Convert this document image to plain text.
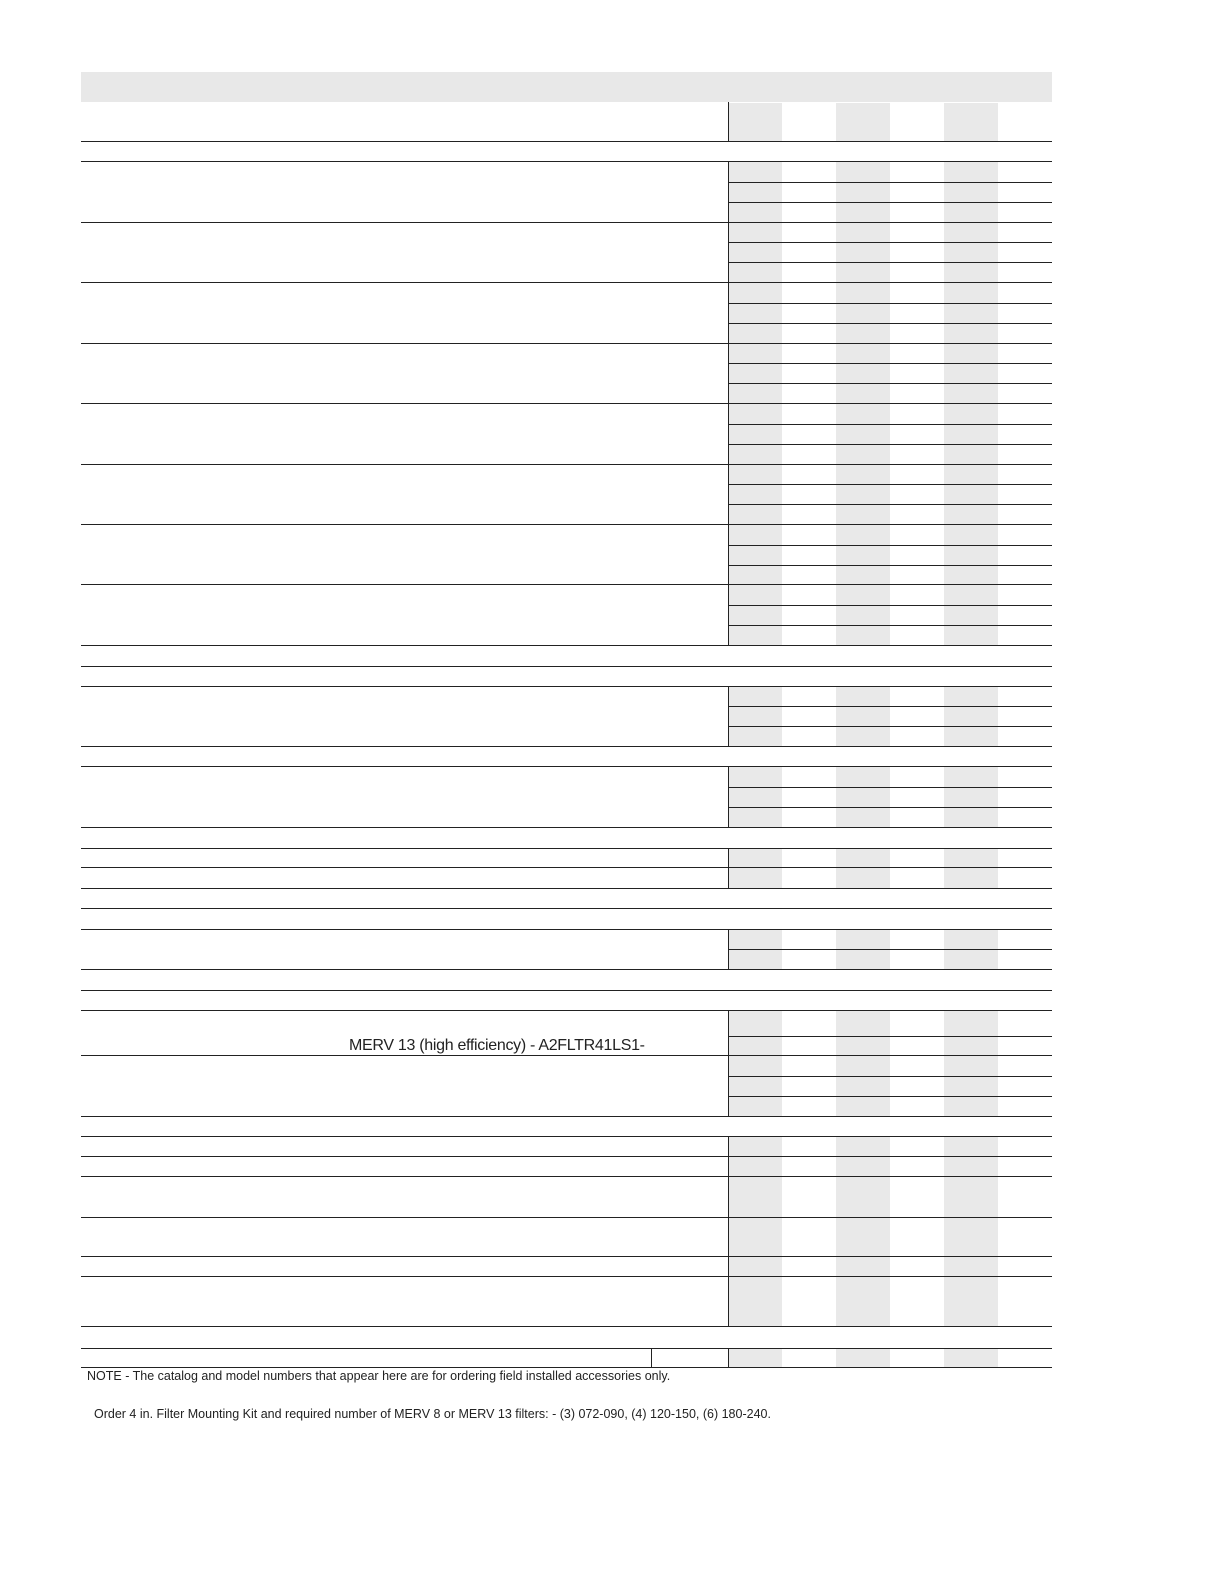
MERV 13 (high efficiency) - A2FLTR41LS1-
NOTE - The catalog and model numbers that appear here are for ordering field installed accessories only.
Order 4 in. Filter Mounting Kit and required number of MERV 8 or MERV 13 filters: - (3) 072-090, (4) 120-150, (6) 180-240.
